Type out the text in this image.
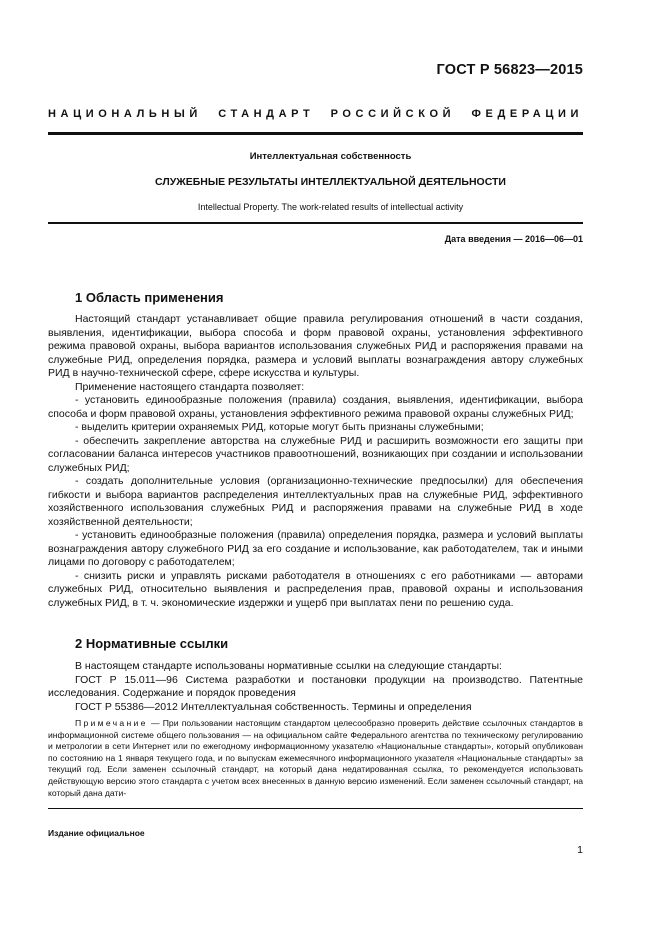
ГОСТ Р 56823—2015
НАЦИОНАЛЬНЫЙ СТАНДАРТ РОССИЙСКОЙ ФЕДЕРАЦИИ
Интеллектуальная собственность
СЛУЖЕБНЫЕ РЕЗУЛЬТАТЫ ИНТЕЛЛЕКТУАЛЬНОЙ ДЕЯТЕЛЬНОСТИ
Intellectual Property. The work-related results of intellectual activity
Дата введения — 2016—06—01
1 Область применения

Настоящий стандарт устанавливает общие правила регулирования отношений в части создания, выявления, идентификации, выбора способа и форм правовой охраны, установления эффективного режима правовой охраны, выбора вариантов использования служебных РИД и распоряжения правами на служебные РИД, определения порядка, размера и условий выплаты вознаграждения автору служебных РИД в научно-технической сфере, сфере искусства и культуры.

Применение настоящего стандарта позволяет:

- установить единообразные положения (правила) создания, выявления, идентификации, выбора способа и форм правовой охраны, установления эффективного режима правовой охраны служебных РИД;

- выделить критерии охраняемых РИД, которые могут быть признаны служебными;

- обеспечить закрепление авторства на служебные РИД и расширить возможности его защиты при согласовании баланса интересов участников правоотношений, возникающих при создании и использовании служебных РИД;

- создать дополнительные условия (организационно-технические предпосылки) для обеспечения гибкости и выбора вариантов распределения интеллектуальных прав на служебные РИД, эффективного хозяйственного использования служебных РИД и распоряжения правами на служебные РИД в ходе хозяйственной деятельности;

- установить единообразные положения (правила) определения порядка, размера и условий выплаты вознаграждения автору служебного РИД за его создание и использование, как работодателем, так и иными лицами по договору с работодателем;

- снизить риски и управлять рисками работодателя в отношениях с его работниками — авторами служебных РИД, относительно выявления и распределения прав, правовой охраны и использования служебных РИД, в т. ч. экономические издержки и ущерб при выплатах пени по решению суда.

2 Нормативные ссылки

В настоящем стандарте использованы нормативные ссылки на следующие стандарты:

ГОСТ Р 15.011—96 Система разработки и постановки продукции на производство. Патентные исследования. Содержание и порядок проведения

ГОСТ Р 55386—2012 Интеллектуальная собственность. Термины и определения

Примечание — При пользовании настоящим стандартом целесообразно проверить действие ссылочных стандартов в информационной системе общего пользования — на официальном сайте Федерального агентства по техническому регулированию и метрологии в сети Интернет или по ежегодному информационному указателю «Национальные стандарты», который опубликован по состоянию на 1 января текущего года, и по выпускам ежемесячного информационного указателя «Национальные стандарты» за текущий год. Если заменен ссылочный стандарт, на который дана недатированная ссылка, то рекомендуется использовать действующую версию этого стандарта с учетом всех внесенных в данную версию изменений. Если заменен ссылочный стандарт, на который дана дати-

Издание официальное
1
